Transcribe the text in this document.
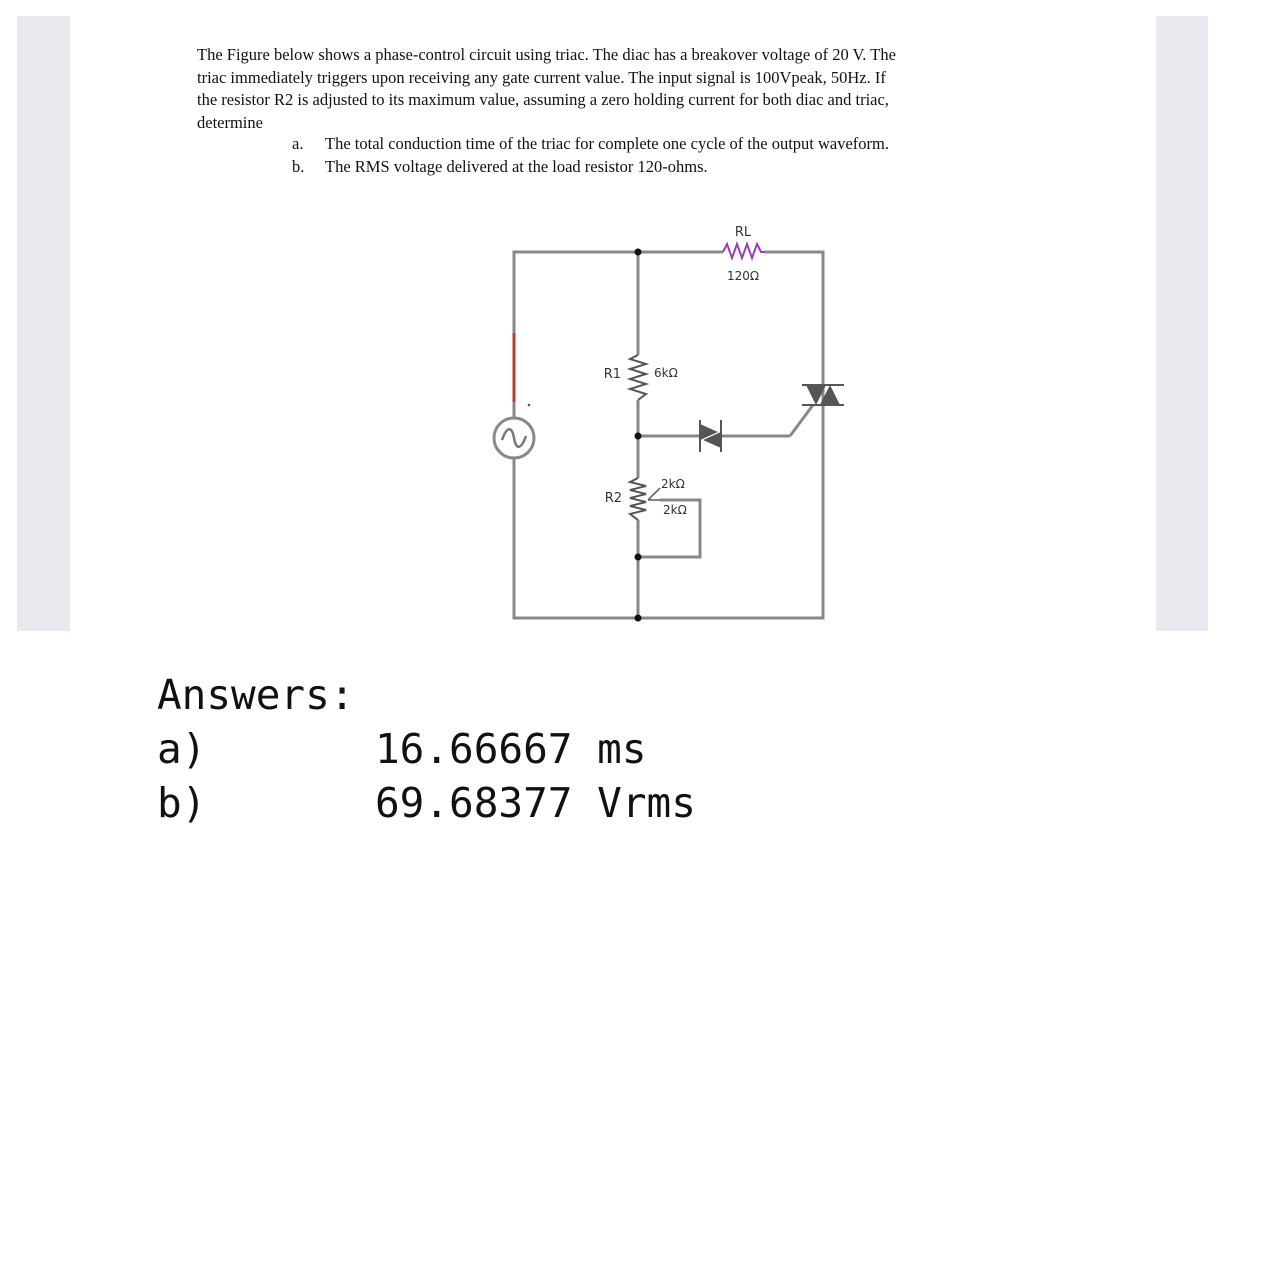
The Figure below shows a phase-control circuit using triac. The diac has a breakover voltage of 20 V. The

triac immediately triggers upon receiving any gate current value. The input signal is 100Vpeak, 50Hz. If

the resistor R2 is adjusted to its maximum value, assuming a zero holding current for both diac and triac,

determine

a.	The total conduction time of the triac for complete one cycle of the output waveform.
b.	The RMS voltage delivered at the load resistor 120-ohms.
RL
120Ω
R1	6kΩ
R2
2kΩ
2kΩ
Answers:
a)	16.66667 ms
b)	69.68377 Vrms
